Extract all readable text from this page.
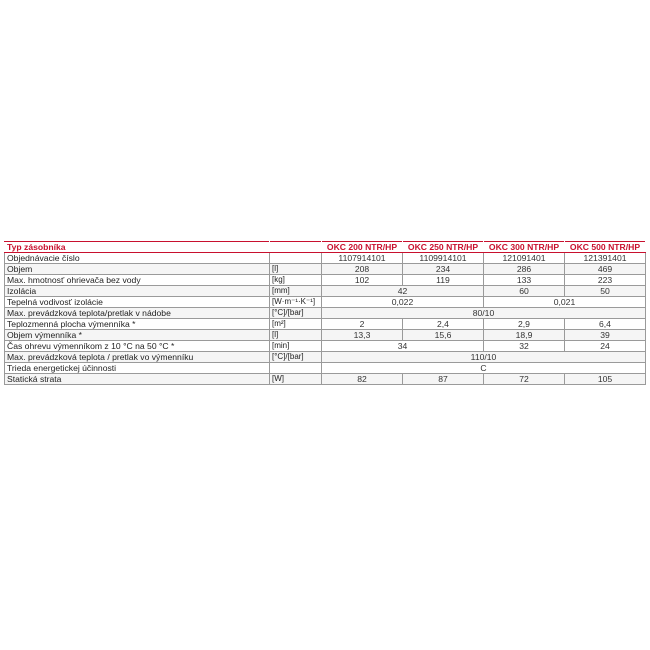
Typ zásobníka		OKC 200 NTR/HP	OKC 250 NTR/HP	OKC 300 NTR/HP	OKC 500 NTR/HP
Objednávacie číslo		1107914101	1109914101	121091401	121391401
Objem	[l]	208	234	286	469
Max. hmotnosť ohrievača bez vody	[kg]	102	119	133	223
Izolácia	[mm]	42		60	50
Tepelná vodivosť izolácie	[W·m⁻¹·K⁻¹]	0,022		0,021	
Max. prevádzková teplota/pretlak v nádobe	[°C]/[bar]	80/10			
Teplozmenná plocha výmenníka *	[m²]	2	2,4	2,9	6,4
Objem výmenníka *	[l]	13,3	15,6	18,9	39
Čas ohrevu výmenníkom z 10 °C na 50 °C *	[min]	34		32	24
Max. prevádzková teplota / pretlak vo výmenníku	[°C]/[bar]	110/10			
Trieda energetickej účinnosti		C			
Statická strata	[W]	82	87	72	105
